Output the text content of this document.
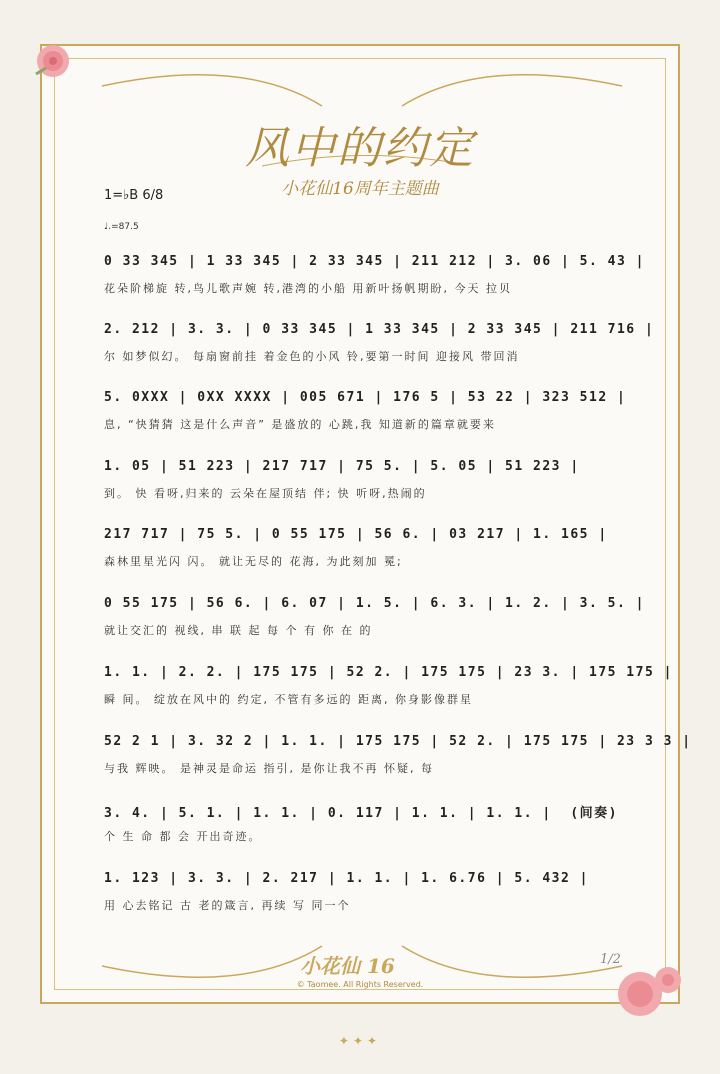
风中的约定
小花仙16周年主题曲
1=♭B 6/8
♩.=87.5
0 33 345 | 1 33 345 | 2 33 345 | 211 212 | 3. 06 | 5. 43 |
花朵阶梯旋 转,鸟儿歌声婉 转,港湾的小船 用新叶扬帆期盼, 今天 拉贝
2. 212 | 3. 3. | 0 33 345 | 1 33 345 | 2 33 345 | 211 716 |
尔 如梦似幻。 每扇窗前挂 着金色的小风 铃,要第一时间 迎接风 带回消
5. 0XXX | 0XX XXXX | 005 671 | 176 5 | 53 22 | 323 512 |
息, “快猜猜 这是什么声音” 是盛放的 心跳,我 知道新的篇章就要来
1. 05 | 51 223 | 217 717 | 75 5. | 5. 05 | 51 223 |
到。 快 看呀,归来的 云朵在屋顶结 伴; 快 听呀,热闹的
217 717 | 75 5. | 0 55 175 | 56 6. | 03 217 | 1. 165 |
森林里星光闪 闪。 就让无尽的 花海, 为此刻加 冕;
0 55 175 | 56 6. | 6. 07 | 1. 5. | 6. 3. | 1. 2. | 3. 5. |
就让交汇的 视线, 串 联 起 每 个 有 你 在 的
1. 1. | 2. 2. | 175 175 | 52 2. | 175 175 | 23 3. | 175 175 |
瞬 间。 绽放在风中的 约定, 不管有多远的 距离, 你身影像群星
52 2 1 | 3. 32 2 | 1. 1. | 175 175 | 52 2. | 175 175 | 23 3 3 |
与我 辉映。 是神灵是命运 指引, 是你让我不再 怀疑, 每
3. 4. | 5. 1. | 1. 1. | 0. 117 | 1. 1. | 1. 1. |  (间奏)
个 生 命 都 会 开出奇迹。
1. 123 | 3. 3. | 2. 217 | 1. 1. | 1. 6.76 | 5. 432 |
用 心去铭记 古 老的箴言, 再续 写 同一个
小花仙 16
© Taomee. All Rights Reserved.
1/2
✦✦✦
